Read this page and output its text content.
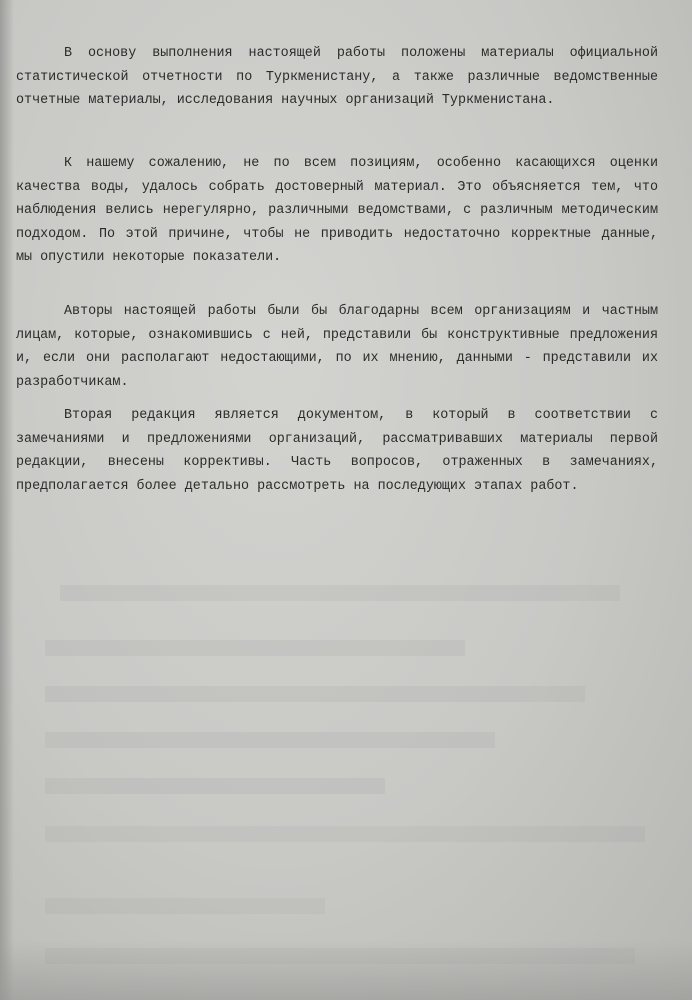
В основу выполнения настоящей работы положены материалы официальной статистической отчетности по Туркменистану, а также различные ведомственные отчетные материалы, исследования научных организаций Туркменистана.

К нашему сожалению, не по всем позициям, особенно касающихся оценки качества воды, удалось собрать достоверный материал. Это объясняется тем, что наблюдения велись нерегулярно, различными ведомствами, с различным методическим подходом. По этой причине, чтобы не приводить недостаточно корректные данные, мы опустили некоторые показатели.

Авторы настоящей работы были бы благодарны всем организациям и частным лицам, которые, ознакомившись с ней, представили бы конструктивные предложения и, если они располагают недостающими, по их мнению, данными - представили их разработчикам.

Вторая редакция является документом, в который в соответствии с замечаниями и предложениями организаций, рассматривавших материалы первой редакции, внесены коррективы. Часть вопросов, отраженных в замечаниях, предполагается более детально рассмотреть на последующих этапах работ.
